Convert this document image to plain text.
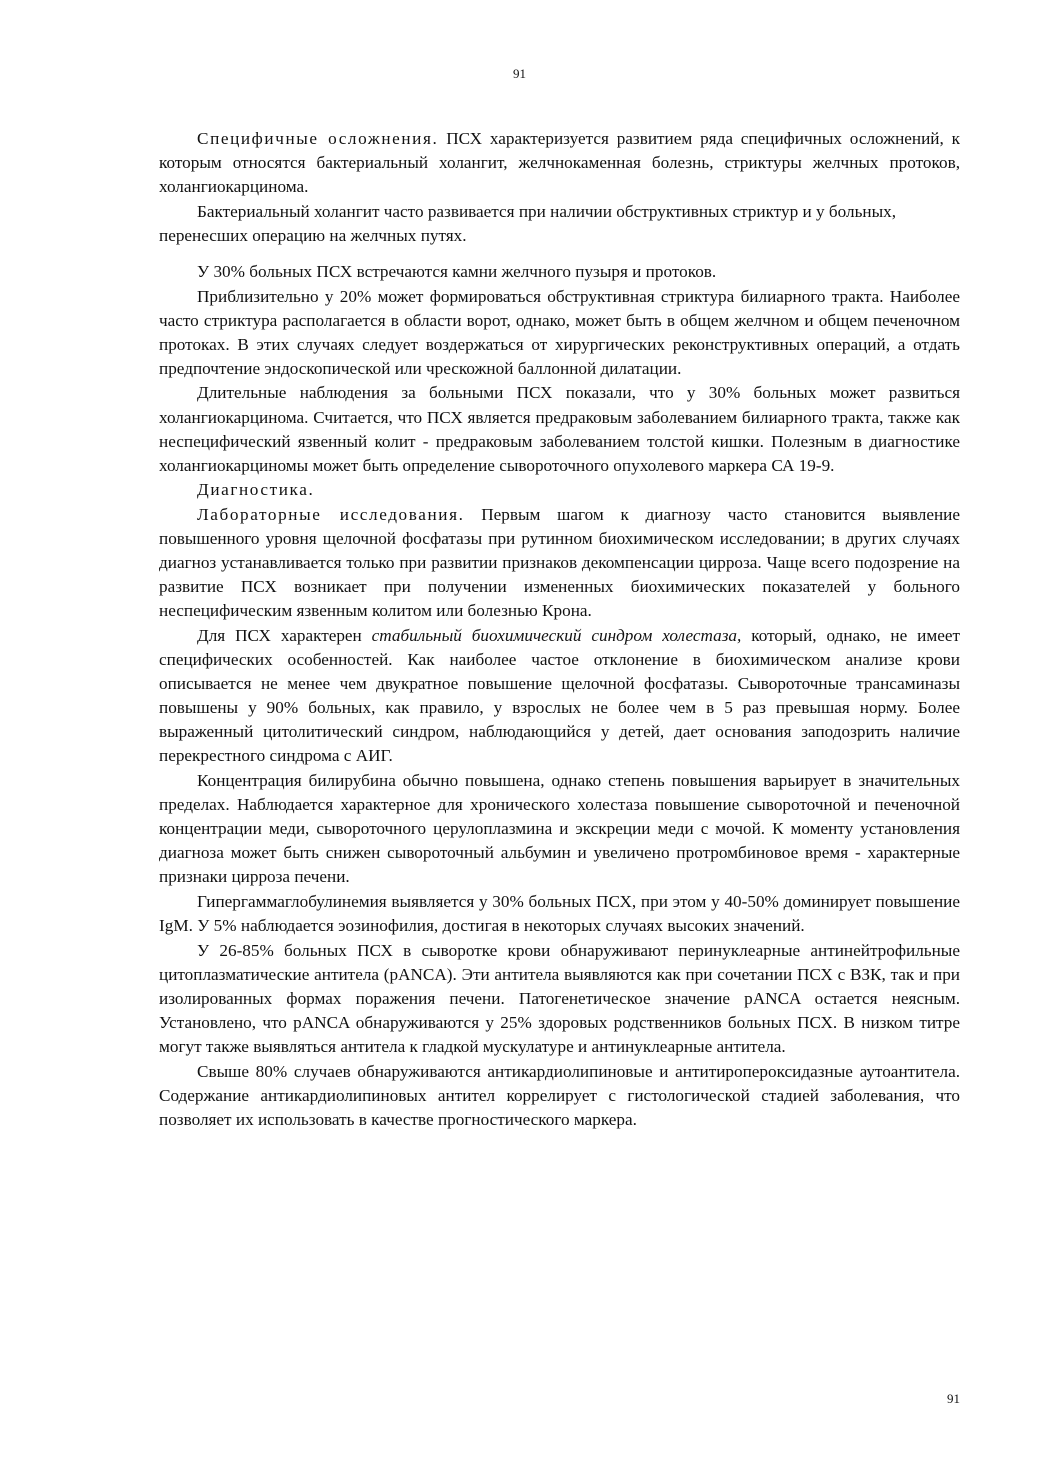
91

Специфичные осложнения. ПСХ характеризуется развитием ряда специфичных осложнений, к которым относятся бактериальный холангит, желчнокаменная болезнь, стриктуры желчных протоков, холангиокарцинома.

Бактериальный холангит часто развивается при наличии обструктивных стриктур и у больных, перенесших операцию на желчных путях.

У 30% больных ПСХ встречаются камни желчного пузыря и протоков.

Приблизительно у 20% может формироваться обструктивная стриктура билиарного тракта. Наиболее часто стриктура располагается в области ворот, однако, может быть в общем желчном и общем печеночном протоках. В этих случаях следует воздержаться от хирургических реконструктивных операций, а отдать предпочтение эндоскопической или чрескожной баллонной дилатации.

Длительные наблюдения за больными ПСХ показали, что у 30% больных может развиться холангиокарцинома. Считается, что ПСХ является предраковым заболеванием билиарного тракта, также как неспецифический язвенный колит - предраковым заболеванием толстой кишки. Полезным в диагностике холангиокарциномы может быть определение сывороточного опухолевого маркера СА 19-9.

Диагностика.

Лабораторные исследования. Первым шагом к диагнозу часто становится выявление повышенного уровня щелочной фосфатазы при рутинном биохимическом исследовании; в других случаях диагноз устанавливается только при развитии признаков декомпенсации цирроза. Чаще всего подозрение на развитие ПСХ возникает при получении измененных биохимических показателей у больного неспецифическим язвенным колитом или болезнью Крона.

Для ПСХ характерен стабильный биохимический синдром холестаза, который, однако, не имеет специфических особенностей. Как наиболее частое отклонение в биохимическом анализе крови описывается не менее чем двукратное повышение щелочной фосфатазы. Сывороточные трансаминазы повышены у 90% больных, как правило, у взрослых не более чем в 5 раз превышая норму. Более выраженный цитолитический синдром, наблюдающийся у детей, дает основания заподозрить наличие перекрестного синдрома с АИГ.

Концентрация билирубина обычно повышена, однако степень повышения варьирует в значительных пределах. Наблюдается характерное для хронического холестаза повышение сывороточной и печеночной концентрации меди, сывороточного церулоплазмина и экскреции меди с мочой. К моменту установления диагноза может быть снижен сывороточный альбумин и увеличено протромбиновое время - характерные признаки цирроза печени.

Гипергаммаглобулинемия выявляется у 30% больных ПСХ, при этом у 40-50% доминирует повышение IgM. У 5% наблюдается эозинофилия, достигая в некоторых случаях высоких значений.

У 26-85% больных ПСХ в сыворотке крови обнаруживают перинуклеарные антинейтрофильные цитоплазматические антитела (pANCA). Эти антитела выявляются как при сочетании ПСХ с ВЗК, так и при изолированных формах поражения печени. Патогенетическое значение pANCA остается неясным. Установлено, что pANCA обнаруживаются у 25% здоровых родственников больных ПСХ. В низком титре могут также выявляться антитела к гладкой мускулатуре и антинуклеарные антитела.

Свыше 80% случаев обнаруживаются антикардиолипиновые и антитиропероксидазные аутоантитела. Содержание антикардиолипиновых антител коррелирует с гистологической стадией заболевания, что позволяет их использовать в качестве прогностического маркера.

91
